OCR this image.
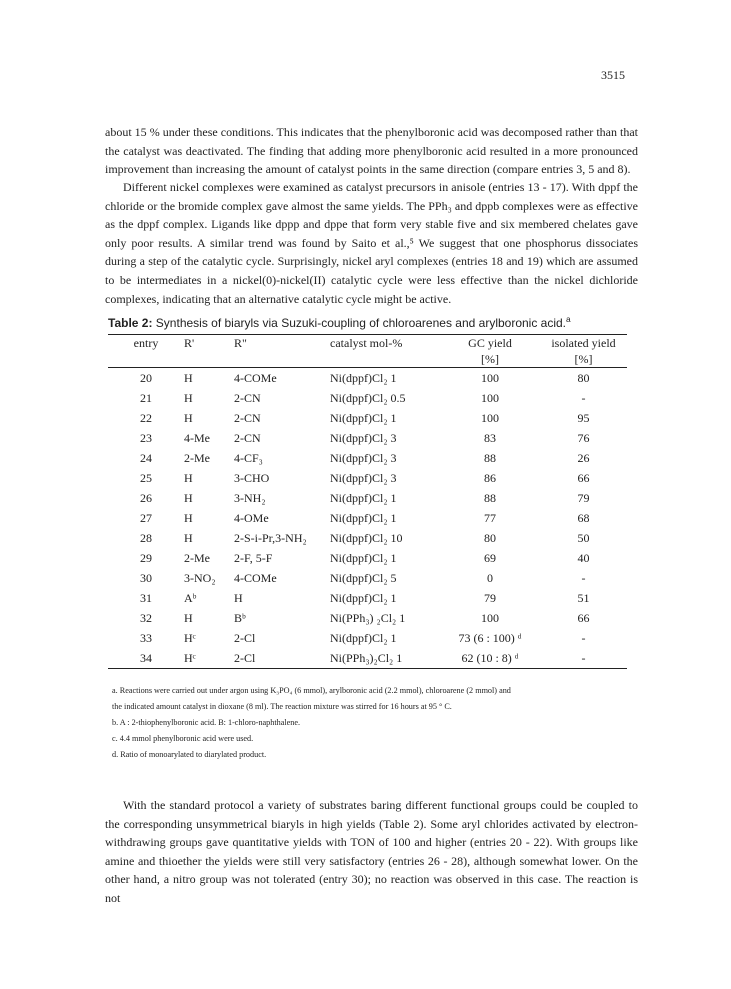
3515

about 15 % under these conditions. This indicates that the phenylboronic acid was decomposed rather than that the catalyst was deactivated. The finding that adding more phenylboronic acid resulted in a more pronounced improvement than increasing the amount of catalyst points in the same direction (compare entries 3, 5 and 8).

Different nickel complexes were examined as catalyst precursors in anisole (entries 13 - 17). With dppf the chloride or the bromide complex gave almost the same yields. The PPh₃ and dppb complexes were as effective as the dppf complex. Ligands like dppp and dppe that form very stable five and six membered chelates gave only poor results. A similar trend was found by Saito et al.,⁵ We suggest that one phosphorus dissociates during a step of the catalytic cycle. Surprisingly, nickel aryl complexes (entries 18 and 19) which are assumed to be intermediates in a nickel(0)-nickel(II) catalytic cycle were less effective than the nickel dichloride complexes, indicating that an alternative catalytic cycle might be active.

Table 2: Synthesis of biaryls via Suzuki-coupling of chloroarenes and arylboronic acid.$^a$
entry	R'	R"	catalyst mol-%	GC yield	isolated yield
				[%]	[%]
20	H	4-COMe	Ni(dppf)Cl₂ 1	100	80
21	H	2-CN	Ni(dppf)Cl₂ 0.5	100	-
22	H	2-CN	Ni(dppf)Cl₂ 1	100	95
23	4-Me	2-CN	Ni(dppf)Cl₂ 3	83	76
24	2-Me	4-CF₃	Ni(dppf)Cl₂ 3	88	26
25	H	3-CHO	Ni(dppf)Cl₂ 3	86	66
26	H	3-NH₂	Ni(dppf)Cl₂ 1	88	79
27	H	4-OMe	Ni(dppf)Cl₂ 1	77	68
28	H	2-S-i-Pr,3-NH₂	Ni(dppf)Cl₂ 10	80	50
29	2-Me	2-F, 5-F	Ni(dppf)Cl₂ 1	69	40
30	3-NO₂	4-COMe	Ni(dppf)Cl₂ 5	0	-
31	Aᵇ	H	Ni(dppf)Cl₂ 1	79	51
32	H	Bᵇ	Ni(PPh₃) ₂Cl₂ 1	100	66
33	Hᶜ	2-Cl	Ni(dppf)Cl₂ 1	73 (6 : 100) ᵈ	-
34	Hᶜ	2-Cl	Ni(PPh₃)₂Cl₂ 1	62 (10 : 8) ᵈ	-
a. Reactions were carried out under argon using K₃PO₄ (6 mmol), arylboronic acid (2.2 mmol), chloroarene (2 mmol) and
the indicated amount catalyst in dioxane (8 ml). The reaction mixture was stirred for 16 hours at 95 ° C.
b. A : 2-thiophenylboronic acid. B: 1-chloro-naphthalene.
c. 4.4 mmol phenylboronic acid were used.
d. Ratio of monoarylated to diarylated product.

With the standard protocol a variety of substrates baring different functional groups could be coupled to the corresponding unsymmetrical biaryls in high yields (Table 2). Some aryl chlorides activated by electron-withdrawing groups gave quantitative yields with TON of 100 and higher (entries 20 - 22). With groups like amine and thioether the yields were still very satisfactory (entries 26 - 28), although somewhat lower. On the other hand, a nitro group was not tolerated (entry 30); no reaction was observed in this case. The reaction is not
